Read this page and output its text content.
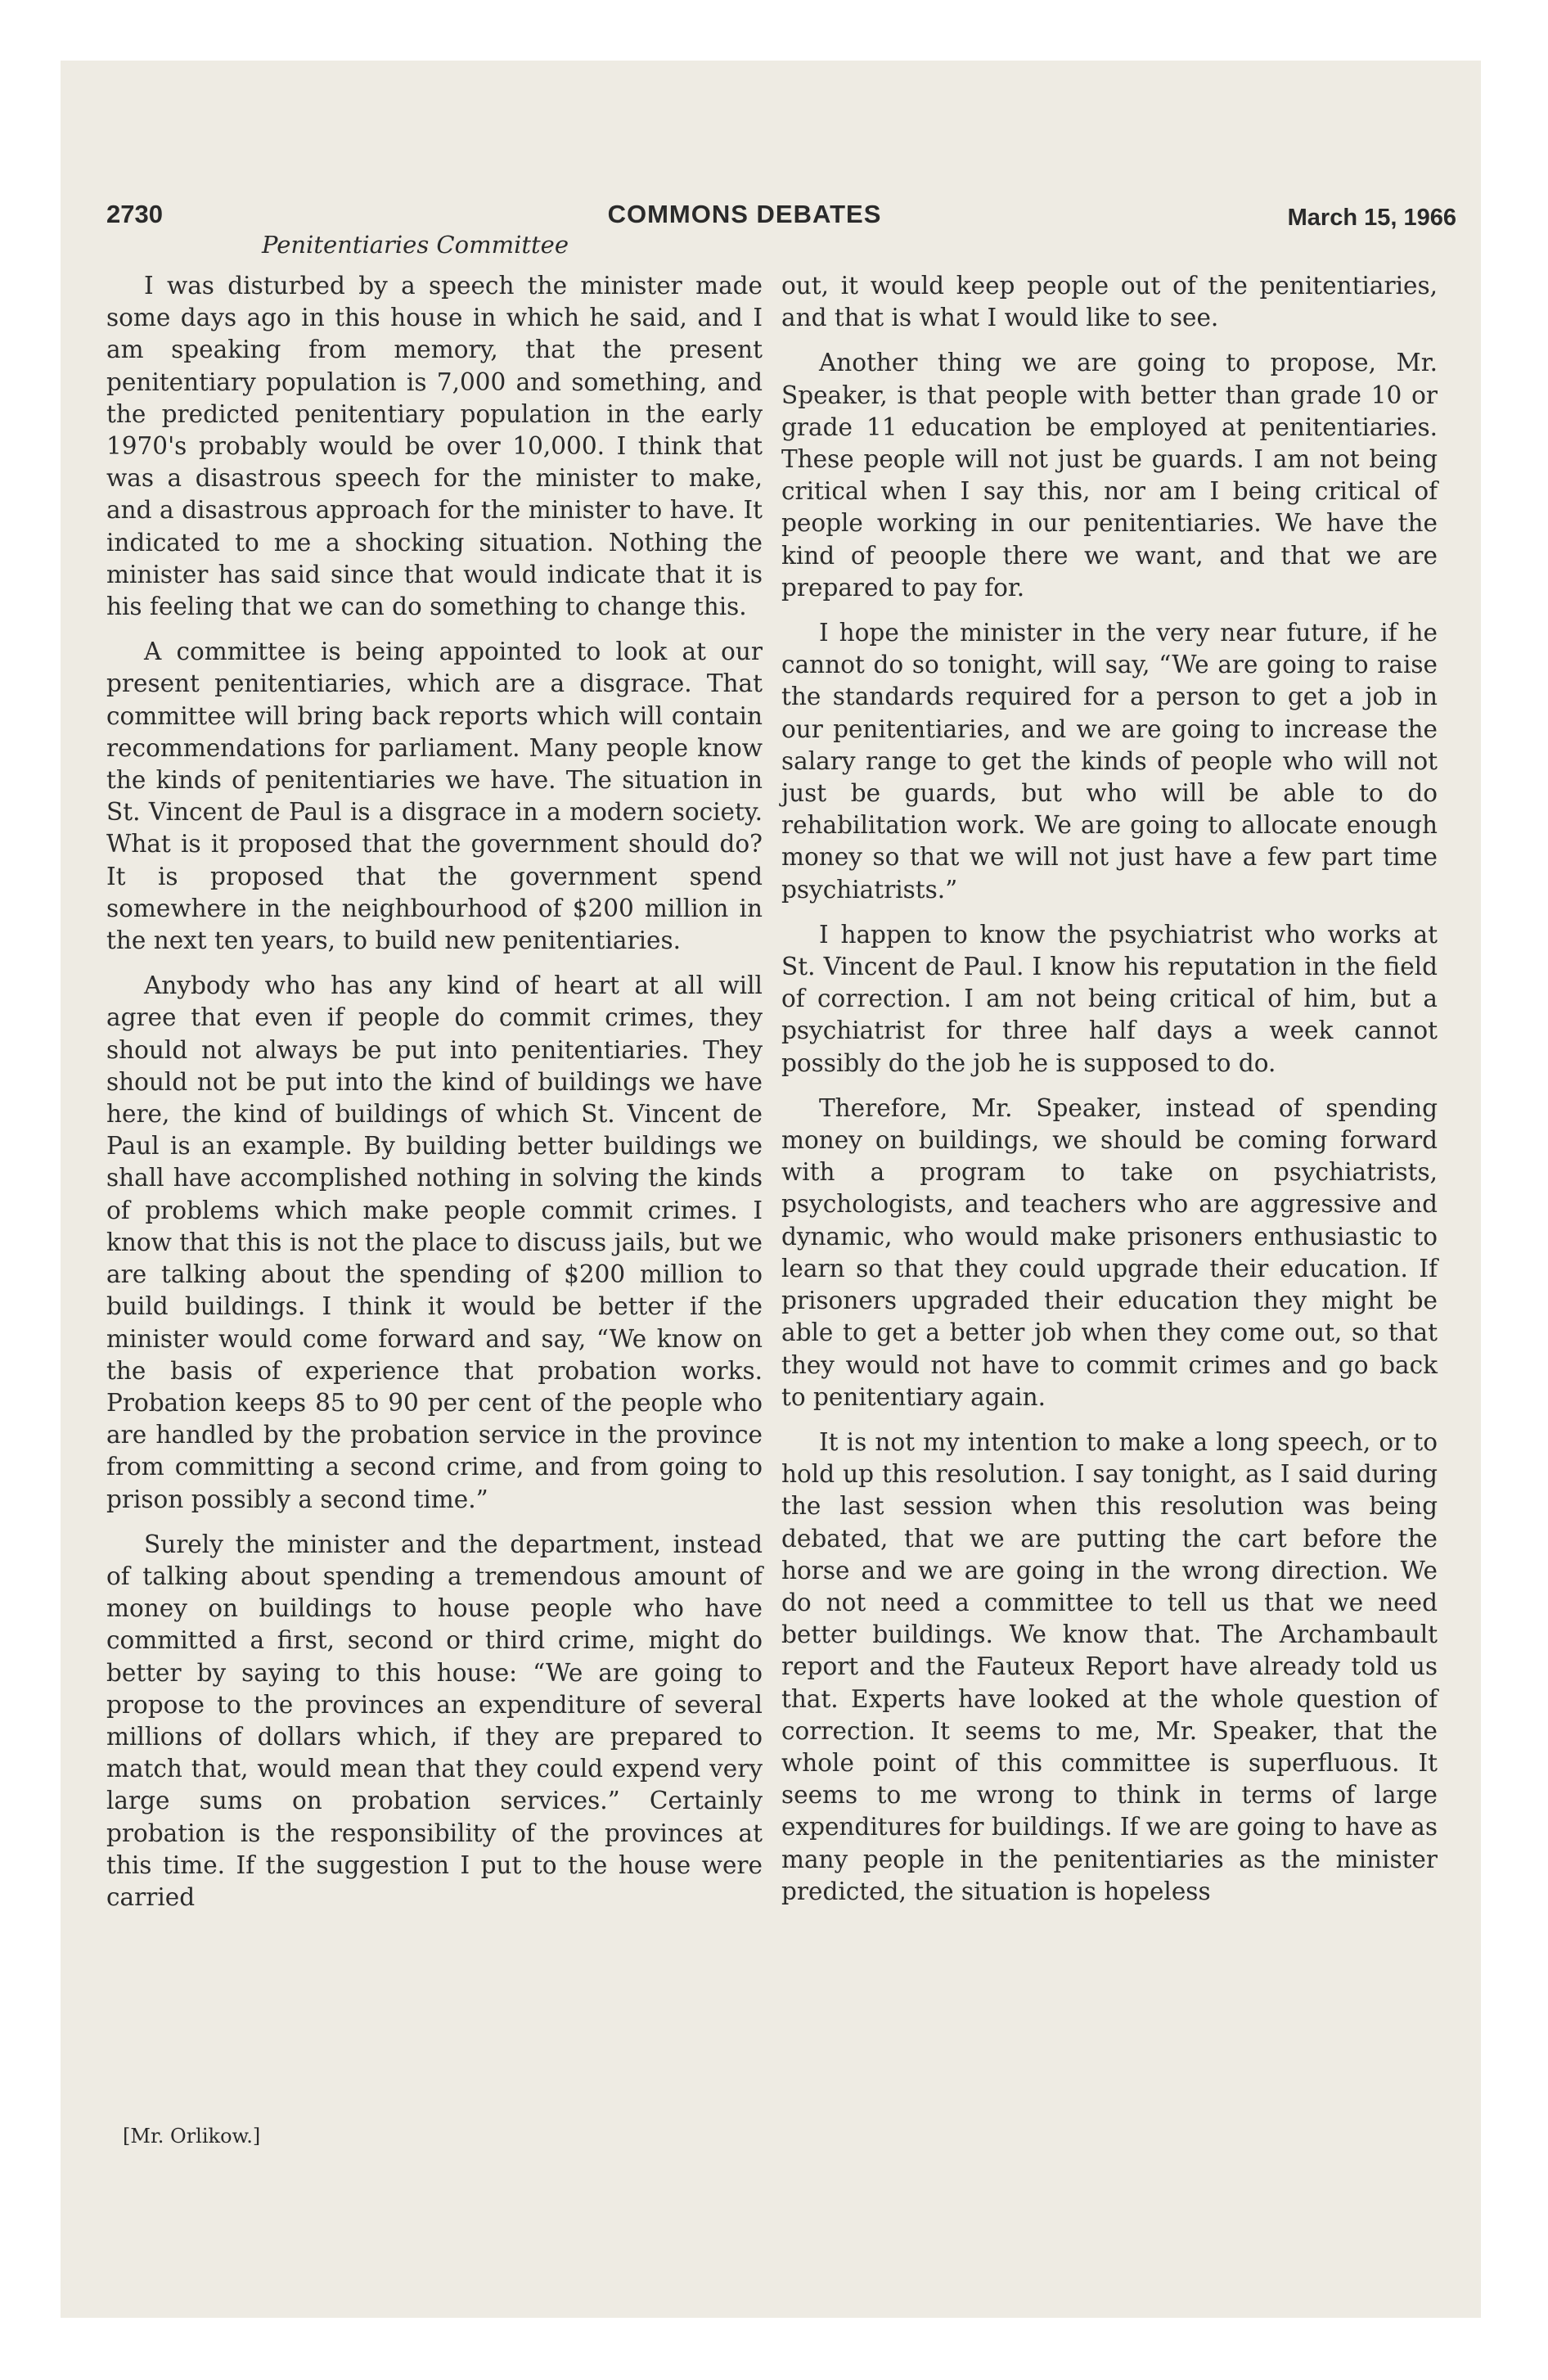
2730	COMMONS DEBATES	March 15, 1966
Penitentiaries Committee

I was disturbed by a speech the minister made some days ago in this house in which he said, and I am speaking from memory, that the present penitentiary population is 7,000 and something, and the predicted penitentiary population in the early 1970's probably would be over 10,000. I think that was a disastrous speech for the minister to make, and a disastrous approach for the minister to have. It indicated to me a shocking situation. Nothing the minister has said since that would indicate that it is his feeling that we can do something to change this.

A committee is being appointed to look at our present penitentiaries, which are a disgrace. That committee will bring back reports which will contain recommendations for parliament. Many people know the kinds of penitentiaries we have. The situation in St. Vincent de Paul is a disgrace in a modern society. What is it proposed that the government should do? It is proposed that the government spend somewhere in the neighbourhood of $200 million in the next ten years, to build new penitentiaries.

Anybody who has any kind of heart at all will agree that even if people do commit crimes, they should not always be put into penitentiaries. They should not be put into the kind of buildings we have here, the kind of buildings of which St. Vincent de Paul is an example. By building better buildings we shall have accomplished nothing in solving the kinds of problems which make people commit crimes. I know that this is not the place to discuss jails, but we are talking about the spending of $200 million to build buildings. I think it would be better if the minister would come forward and say, “We know on the basis of experience that probation works. Probation keeps 85 to 90 per cent of the people who are handled by the probation service in the province from committing a second crime, and from going to prison possibly a second time.”

Surely the minister and the department, instead of talking about spending a tremendous amount of money on buildings to house people who have committed a first, second or third crime, might do better by saying to this house: “We are going to propose to the provinces an expenditure of several millions of dollars which, if they are prepared to match that, would mean that they could expend very large sums on probation services.” Certainly probation is the responsibility of the provinces at this time. If the suggestion I put to the house were carried

out, it would keep people out of the penitentiaries, and that is what I would like to see.

Another thing we are going to propose, Mr. Speaker, is that people with better than grade 10 or grade 11 education be employed at penitentiaries. These people will not just be guards. I am not being critical when I say this, nor am I being critical of people working in our penitentiaries. We have the kind of peoople there we want, and that we are prepared to pay for.

I hope the minister in the very near future, if he cannot do so tonight, will say, “We are going to raise the standards required for a person to get a job in our penitentiaries, and we are going to increase the salary range to get the kinds of people who will not just be guards, but who will be able to do rehabilitation work. We are going to allocate enough money so that we will not just have a few part time psychiatrists.”

I happen to know the psychiatrist who works at St. Vincent de Paul. I know his reputation in the field of correction. I am not being critical of him, but a psychiatrist for three half days a week cannot possibly do the job he is supposed to do.

Therefore, Mr. Speaker, instead of spending money on buildings, we should be coming forward with a program to take on psychiatrists, psychologists, and teachers who are aggressive and dynamic, who would make prisoners enthusiastic to learn so that they could upgrade their education. If prisoners upgraded their education they might be able to get a better job when they come out, so that they would not have to commit crimes and go back to penitentiary again.

It is not my intention to make a long speech, or to hold up this resolution. I say tonight, as I said during the last session when this resolution was being debated, that we are putting the cart before the horse and we are going in the wrong direction. We do not need a committee to tell us that we need better buildings. We know that. The Archambault report and the Fauteux Report have already told us that. Experts have looked at the whole question of correction. It seems to me, Mr. Speaker, that the whole point of this committee is superfluous. It seems to me wrong to think in terms of large expenditures for buildings. If we are going to have as many people in the penitentiaries as the minister predicted, the situation is hopeless

[Mr. Orlikow.]
